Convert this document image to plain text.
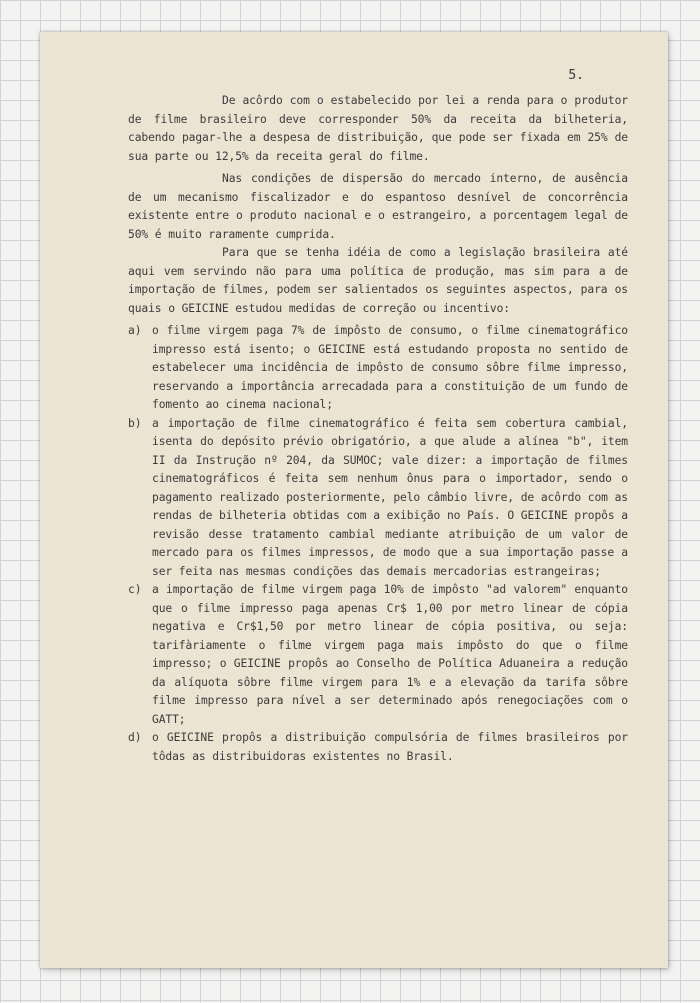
5.

De acôrdo com o estabelecido por lei a renda para o produtor de filme brasileiro deve corresponder 50% da receita da bilheteria, cabendo pagar-lhe a despesa de distribuição, que pode ser fixada em 25% de sua parte ou 12,5% da receita geral do filme.

Nas condições de dispersão do mercado interno, de ausência de um mecanismo fiscalizador e do espantoso desnível de concorrência existente entre o produto nacional e o estrangeiro, a porcentagem legal de 50% é muito raramente cumprida.

Para que se tenha idéia de como a legislação brasileira até aqui vem servindo não para uma política de produção, mas sim para a de importação de filmes, podem ser salientados os seguintes aspectos, para os quais o GEICINE estudou medidas de correção ou incentivo:

a) o filme virgem paga 7% de impôsto de consumo, o filme cinematográfico impresso está isento; o GEICINE está estudando proposta no sentido de estabelecer uma incidência de impôsto de consumo sôbre filme impresso, reservando a importância arrecadada para a constituição de um fundo de fomento ao cinema nacional;
b) a importação de filme cinematográfico é feita sem cobertura cambial, isenta do depósito prévio obrigatório, a que alude a alínea "b", item II da Instrução nº 204, da SUMOC; vale dizer: a importação de filmes cinematográficos é feita sem nenhum ônus para o importador, sendo o pagamento realizado posteriormente, pelo câmbio livre, de acôrdo com as rendas de bilheteria obtidas com a exibição no País. O GEICINE propôs a revisão desse tratamento cambial mediante atribuição de um valor de mercado para os filmes impressos, de modo que a sua importação passe a ser feita nas mesmas condições das demais mercadorias estrangeiras;
c) a importação de filme virgem paga 10% de impôsto "ad valorem" enquanto que o filme impresso paga apenas Cr$ 1,00 por metro linear de cópia negativa e Cr$1,50 por metro linear de cópia positiva, ou seja: tarifàriamente o filme virgem paga mais impôsto do que o filme impresso; o GEICINE propôs ao Conselho de Política Aduaneira a redução da alíquota sôbre filme virgem para 1% e a elevação da tarifa sôbre filme impresso para nível a ser determinado após renegociações com o GATT;
d) o GEICINE propôs a distribuição compulsória de filmes brasileiros por tôdas as distribuidoras existentes no Brasil.
